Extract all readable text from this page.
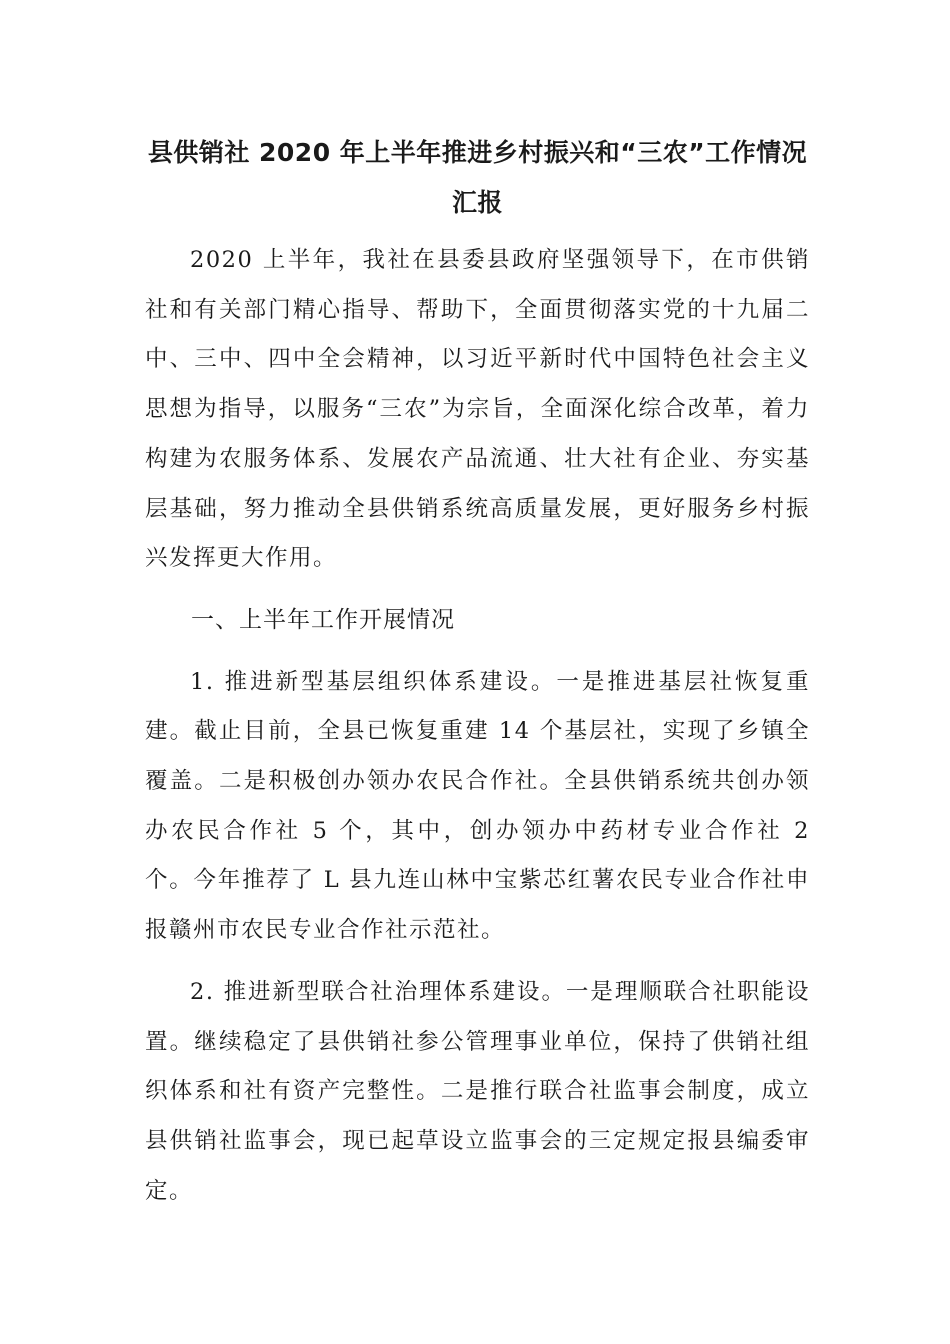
县供销社 2020 年上半年推进乡村振兴和“三农”工作情况
汇报

2020 上半年，我社在县委县政府坚强领导下，在市供销社和有关部门精心指导、帮助下，全面贯彻落实党的十九届二中、三中、四中全会精神，以习近平新时代中国特色社会主义思想为指导，以服务“三农”为宗旨，全面深化综合改革，着力构建为农服务体系、发展农产品流通、壮大社有企业、夯实基层基础，努力推动全县供销系统高质量发展，更好服务乡村振兴发挥更大作用。

一、上半年工作开展情况

1. 推进新型基层组织体系建设。一是推进基层社恢复重建。截止目前，全县已恢复重建 14 个基层社，实现了乡镇全覆盖。二是积极创办领办农民合作社。全县供销系统共创办领办农民合作社 5 个，其中，创办领办中药材专业合作社 2 个。今年推荐了 L 县九连山林中宝紫芯红薯农民专业合作社申报赣州市农民专业合作社示范社。

2. 推进新型联合社治理体系建设。一是理顺联合社职能设置。继续稳定了县供销社参公管理事业单位，保持了供销社组织体系和社有资产完整性。二是推行联合社监事会制度，成立县供销社监事会，现已起草设立监事会的三定规定报县编委审定。
